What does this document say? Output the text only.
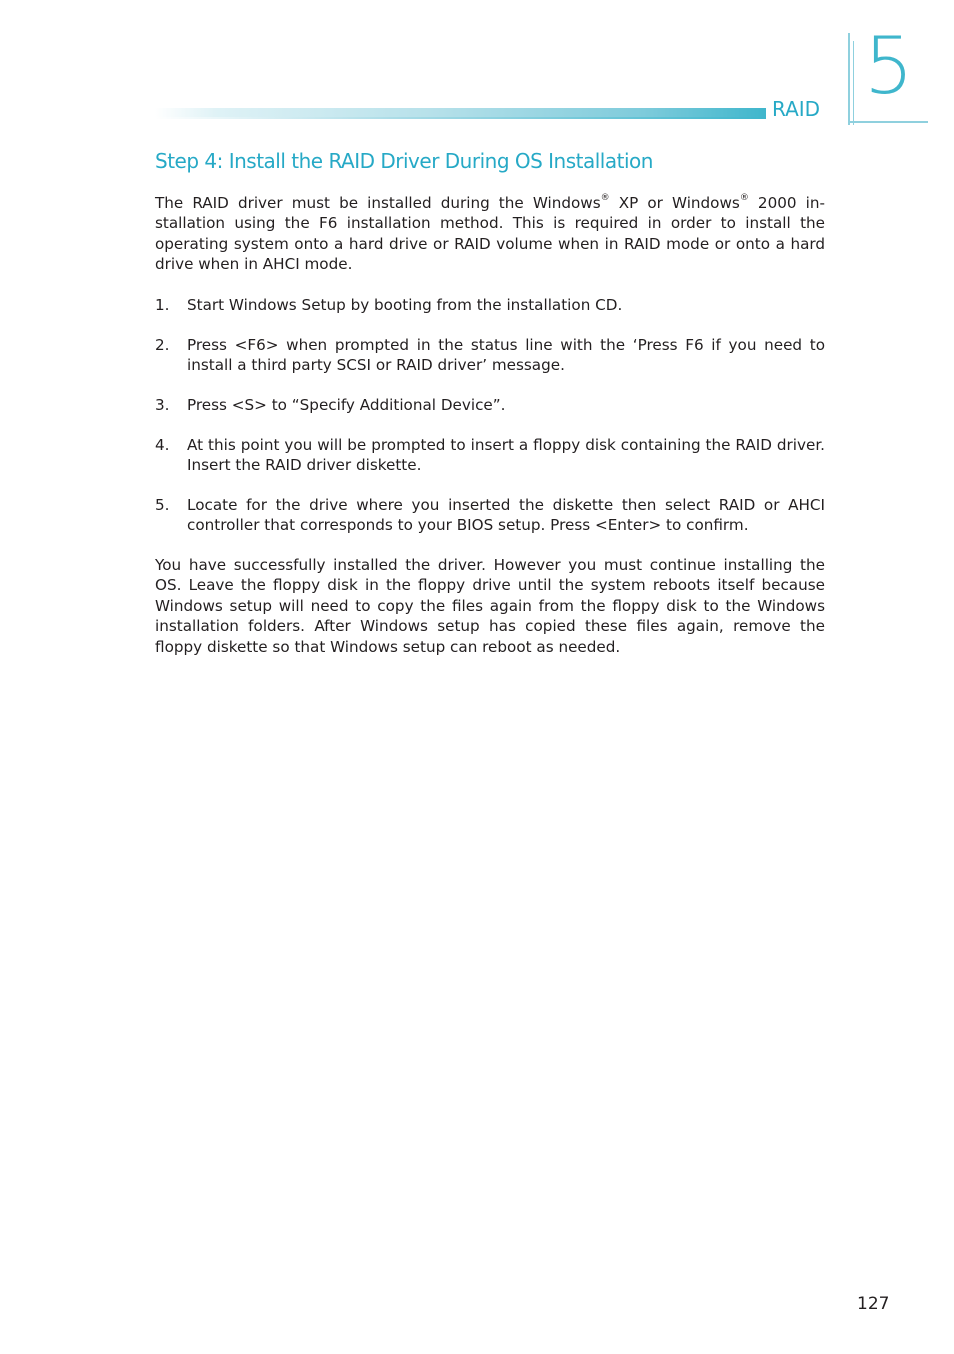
RAID 5
Step 4: Install the RAID Driver During OS Installation

The RAID driver must be installed during the Windows® XP or Windows® 2000 in-stallation using the F6 installation method. This is required in order to install the operating system onto a hard drive or RAID volume when in RAID mode or onto a hard drive when in AHCI mode.

1. Start Windows Setup by booting from the installation CD.
2. Press <F6> when prompted in the status line with the ‘Press F6 if you need to install a third party SCSI or RAID driver’ message.
3. Press <S> to “Specify Additional Device”.
4. At this point you will be prompted to insert a floppy disk containing the RAID driver. Insert the RAID driver diskette.
5. Locate for the drive where you inserted the diskette then select RAID or AHCI controller that corresponds to your BIOS setup. Press <Enter> to confirm.

You have successfully installed the driver. However you must continue installing the OS. Leave the floppy disk in the floppy drive until the system reboots itself because Windows setup will need to copy the files again from the floppy disk to the Windows installation folders. After Windows setup has copied these files again, remove the floppy diskette so that Windows setup can reboot as needed.

127
